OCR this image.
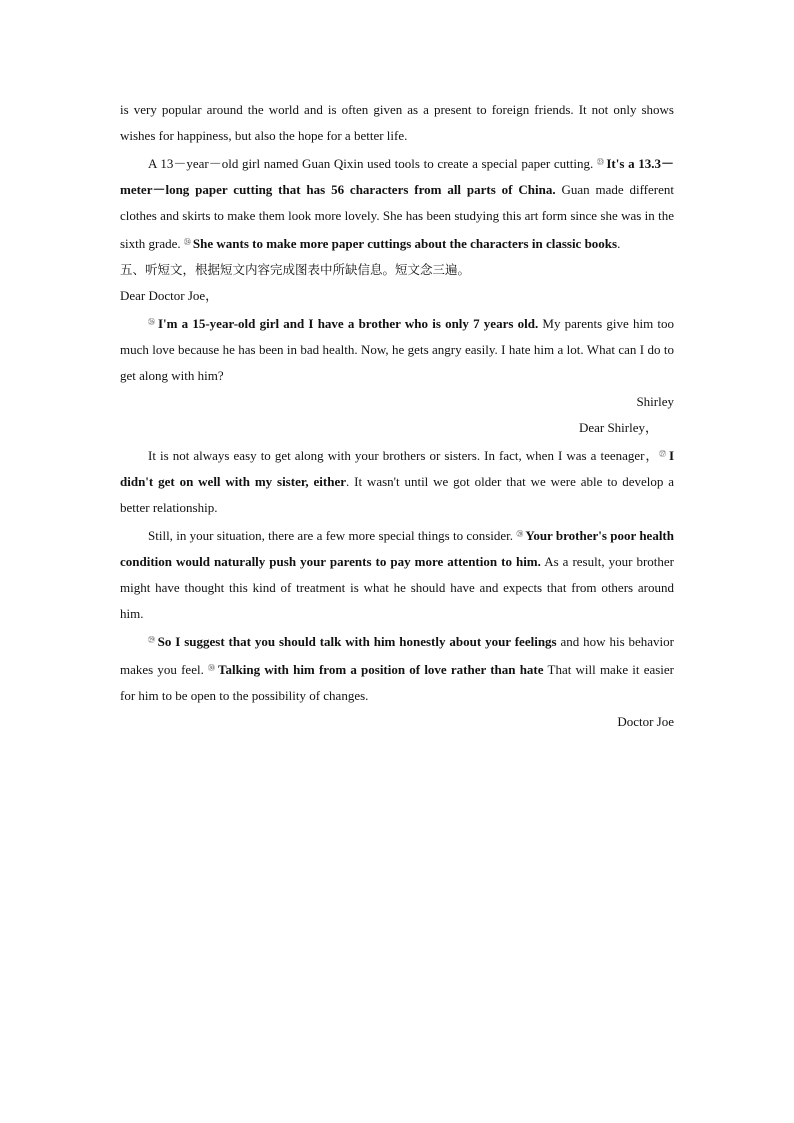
is very popular around the world and is often given as a present to foreign friends. It not only shows wishes for happiness, but also the hope for a better life.

A 13－year－old girl named Guan Qixin used tools to create a special paper cutting. $^㉓$ It's a 13.3－meter－long paper cutting that has 56 characters from all parts of China. Guan made different clothes and skirts to make them look more lovely. She has been studying this art form since she was in the sixth grade. $^㉔$ She wants to make more paper cuttings about the characters in classic books.

五、听短文，根据短文内容完成图表中所缺信息。短文念三遍。

Dear Doctor Joe，

$^㉖$ I'm a 15-year-old girl and I have a brother who is only 7 years old. My parents give him too much love because he has been in bad health. Now, he gets angry easily. I hate him a lot. What can I do to get along with him?

Shirley

Dear Shirley，

It is not always easy to get along with your brothers or sisters. In fact, when I was a teenager，$^㉗$ I didn't get on well with my sister, either. It wasn't until we got older that we were able to develop a better relationship.

Still, in your situation, there are a few more special things to consider. $^㉘$ Your brother's poor health condition would naturally push your parents to pay more attention to him. As a result, your brother might have thought this kind of treatment is what he should have and expects that from others around him.

$^㉙$ So I suggest that you should talk with him honestly about your feelings and how his behavior makes you feel. $^㉚$ Talking with him from a position of love rather than hate That will make it easier for him to be open to the possibility of changes.

Doctor Joe
